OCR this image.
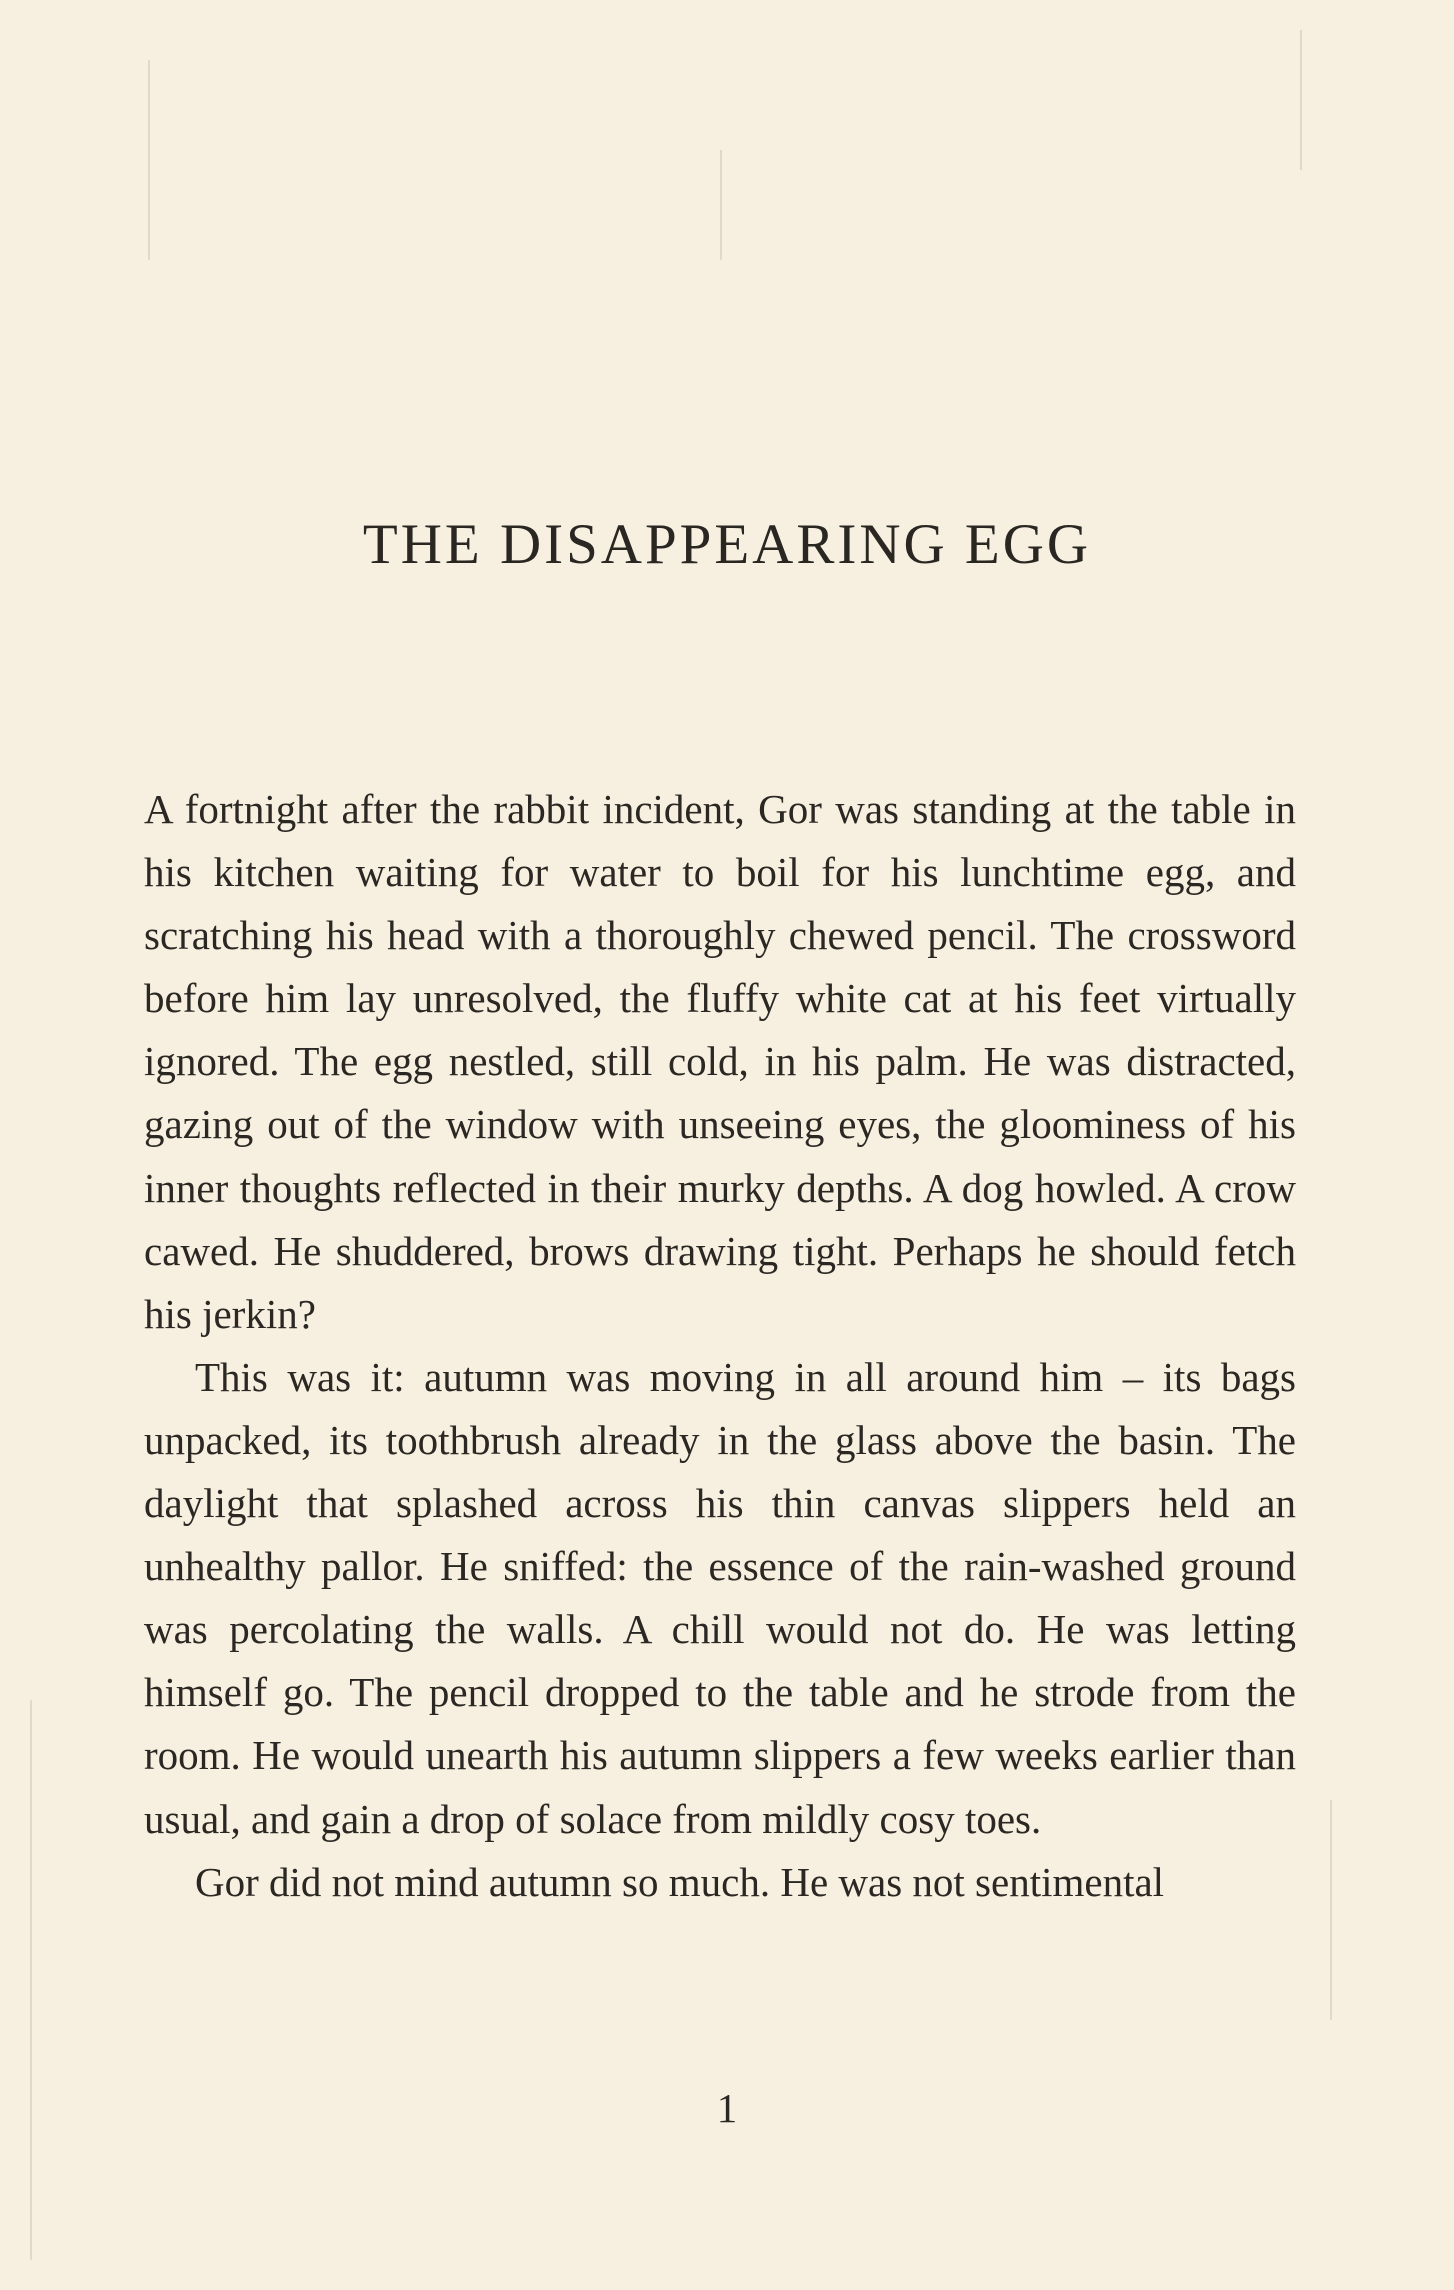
THE DISAPPEARING EGG

A fortnight after the rabbit incident, Gor was standing at the table in his kitchen waiting for water to boil for his lunchtime egg, and scratching his head with a thoroughly chewed pencil. The crossword before him lay unresolved, the fluffy white cat at his feet virtually ignored. The egg nestled, still cold, in his palm. He was distracted, gazing out of the window with unseeing eyes, the gloominess of his inner thoughts reflected in their murky depths. A dog howled. A crow cawed. He shuddered, brows drawing tight. Perhaps he should fetch his jerkin?

This was it: autumn was moving in all around him – its bags unpacked, its toothbrush already in the glass above the basin. The daylight that splashed across his thin canvas slippers held an unhealthy pallor. He sniffed: the essence of the rain-washed ground was percolating the walls. A chill would not do. He was letting himself go. The pencil dropped to the table and he strode from the room. He would unearth his autumn slippers a few weeks earlier than usual, and gain a drop of solace from mildly cosy toes.

Gor did not mind autumn so much. He was not sentimental

1
